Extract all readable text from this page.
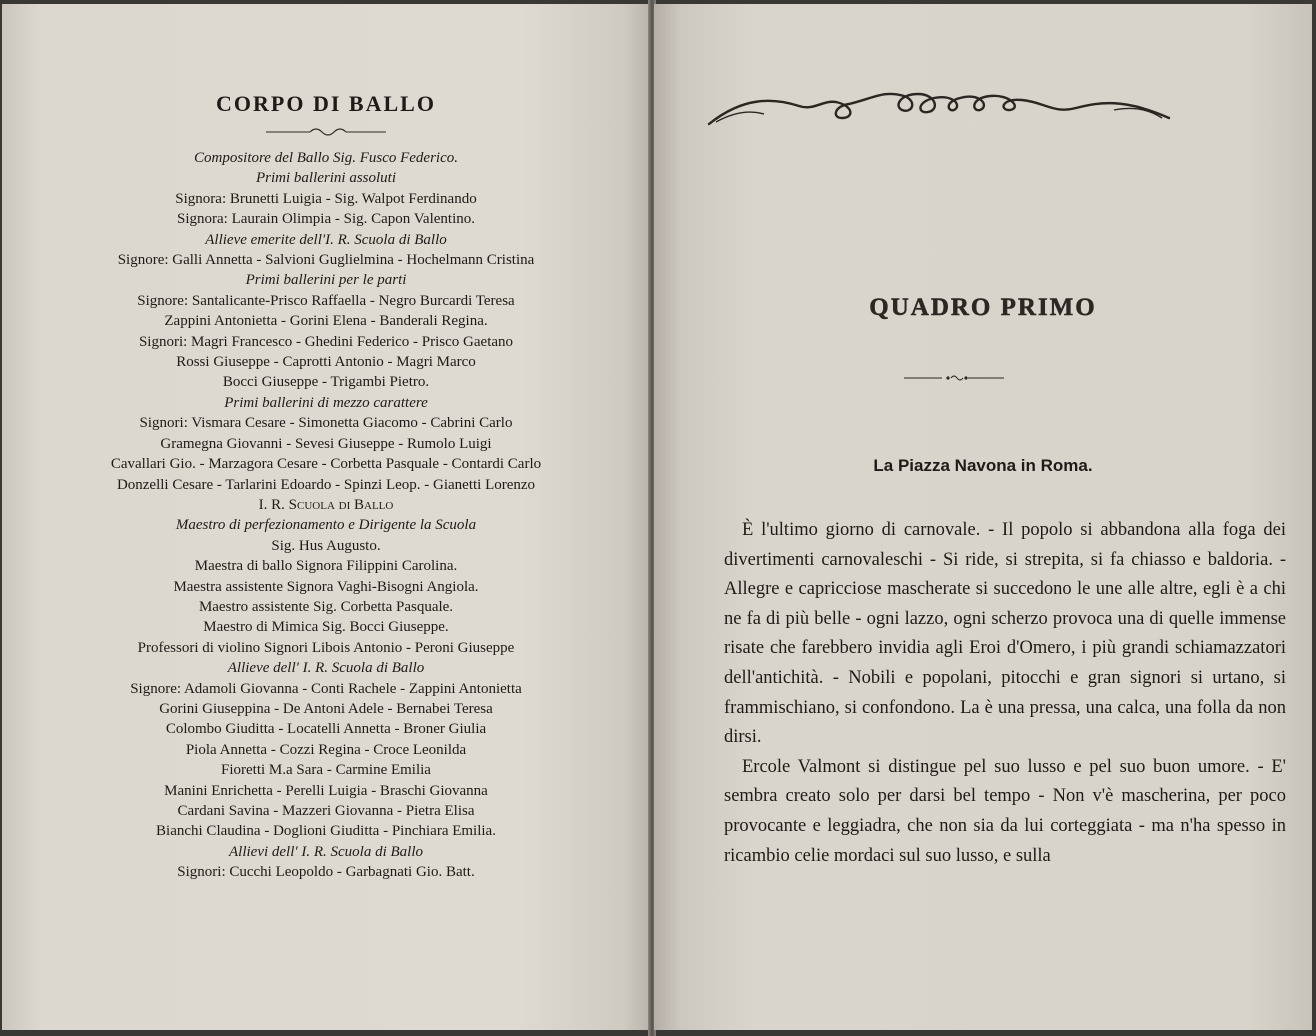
CORPO DI BALLO

Compositore del Ballo Sig. Fusco Federico.

Primi ballerini assoluti

Signora: Brunetti Luigia - Sig. Walpot Ferdinando

Signora: Laurain Olimpia - Sig. Capon Valentino.

Allieve emerite dell'I. R. Scuola di Ballo

Signore: Galli Annetta - Salvioni Guglielmina - Hochelmann Cristina

Primi ballerini per le parti

Signore: Santalicante-Prisco Raffaella - Negro Burcardi Teresa

Zappini Antonietta - Gorini Elena - Banderali Regina.

Signori: Magri Francesco - Ghedini Federico - Prisco Gaetano

Rossi Giuseppe - Caprotti Antonio - Magri Marco

Bocci Giuseppe - Trigambi Pietro.

Primi ballerini di mezzo carattere

Signori: Vismara Cesare - Simonetta Giacomo - Cabrini Carlo

Gramegna Giovanni - Sevesi Giuseppe - Rumolo Luigi

Cavallari Gio. - Marzagora Cesare - Corbetta Pasquale - Contardi Carlo

Donzelli Cesare - Tarlarini Edoardo - Spinzi Leop. - Gianetti Lorenzo

I. R. Scuola di Ballo

Maestro di perfezionamento e Dirigente la Scuola

Sig. Hus Augusto.

Maestra di ballo Signora Filippini Carolina.

Maestra assistente Signora Vaghi-Bisogni Angiola.

Maestro assistente Sig. Corbetta Pasquale.

Maestro di Mimica Sig. Bocci Giuseppe.

Professori di violino Signori Libois Antonio - Peroni Giuseppe

Allieve dell' I. R. Scuola di Ballo

Signore: Adamoli Giovanna - Conti Rachele - Zappini Antonietta

Gorini Giuseppina - De Antoni Adele - Bernabei Teresa

Colombo Giuditta - Locatelli Annetta - Broner Giulia

Piola Annetta - Cozzi Regina - Croce Leonilda

Fioretti M.a Sara - Carmine Emilia

Manini Enrichetta - Perelli Luigia - Braschi Giovanna

Cardani Savina - Mazzeri Giovanna - Pietra Elisa

Bianchi Claudina - Doglioni Giuditta - Pinchiara Emilia.

Allievi dell' I. R. Scuola di Ballo

Signori: Cucchi Leopoldo - Garbagnati Gio. Batt.

QUADRO PRIMO
La Piazza Navona in Roma.

È l'ultimo giorno di carnovale. - Il popolo si abbandona alla foga dei divertimenti carnovaleschi - Si ride, si strepita, si fa chiasso e baldoria. - Allegre e capricciose mascherate si succedono le une alle altre, egli è a chi ne fa di più belle - ogni lazzo, ogni scherzo provoca una di quelle immense risate che farebbero invidia agli Eroi d'Omero, i più grandi schiamazzatori dell'antichità. - Nobili e popolani, pitocchi e gran signori si urtano, si frammischiano, si confondono. La è una pressa, una calca, una folla da non dirsi.

Ercole Valmont si distingue pel suo lusso e pel suo buon umore. - E' sembra creato solo per darsi bel tempo - Non v'è mascherina, per poco provocante e leggiadra, che non sia da lui corteggiata - ma n'ha spesso in ricambio celie mordaci sul suo lusso, e sulla
